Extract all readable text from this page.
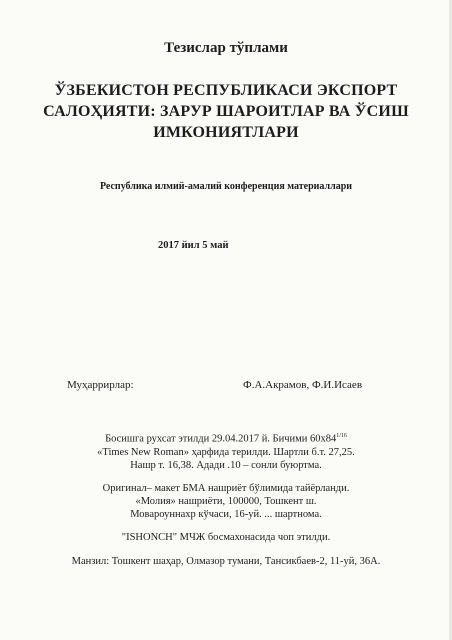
Тезислар тўплами
ЎЗБЕКИСТОН РЕСПУБЛИКАСИ ЭКСПОРТ
САЛОҲИЯТИ: ЗАРУР ШАРОИТЛАР ВА ЎСИШ
ИМКОНИЯТЛАРИ
Республика илмий-амалий конференция материаллари
2017 йил 5 май
Муҳаррирлар:	Ф.А.Акрамов, Ф.И.Исаев
Босишга рухсат этилди 29.04.2017 й. Бичими $60х84^{1/16}$
«Times New Roman» ҳарфида терилди. Шартли б.т. 27,25.
Нашр т. 16,38. Адади .10 – сонли буюртма.
Оригинал– макет БМА нашриёт бўлимида тайёрланди.
«Молия» нашриёти, 100000, Тошкент ш.
Мовароуннахр кўчаси, 16-уй. ... шартнома.
"ISHONCH" МЧЖ босмахонасида чоп этилди.
Манзил: Тошкент шаҳар, Олмазор тумани, Тансикбаев-2, 11-уй, 36А.
